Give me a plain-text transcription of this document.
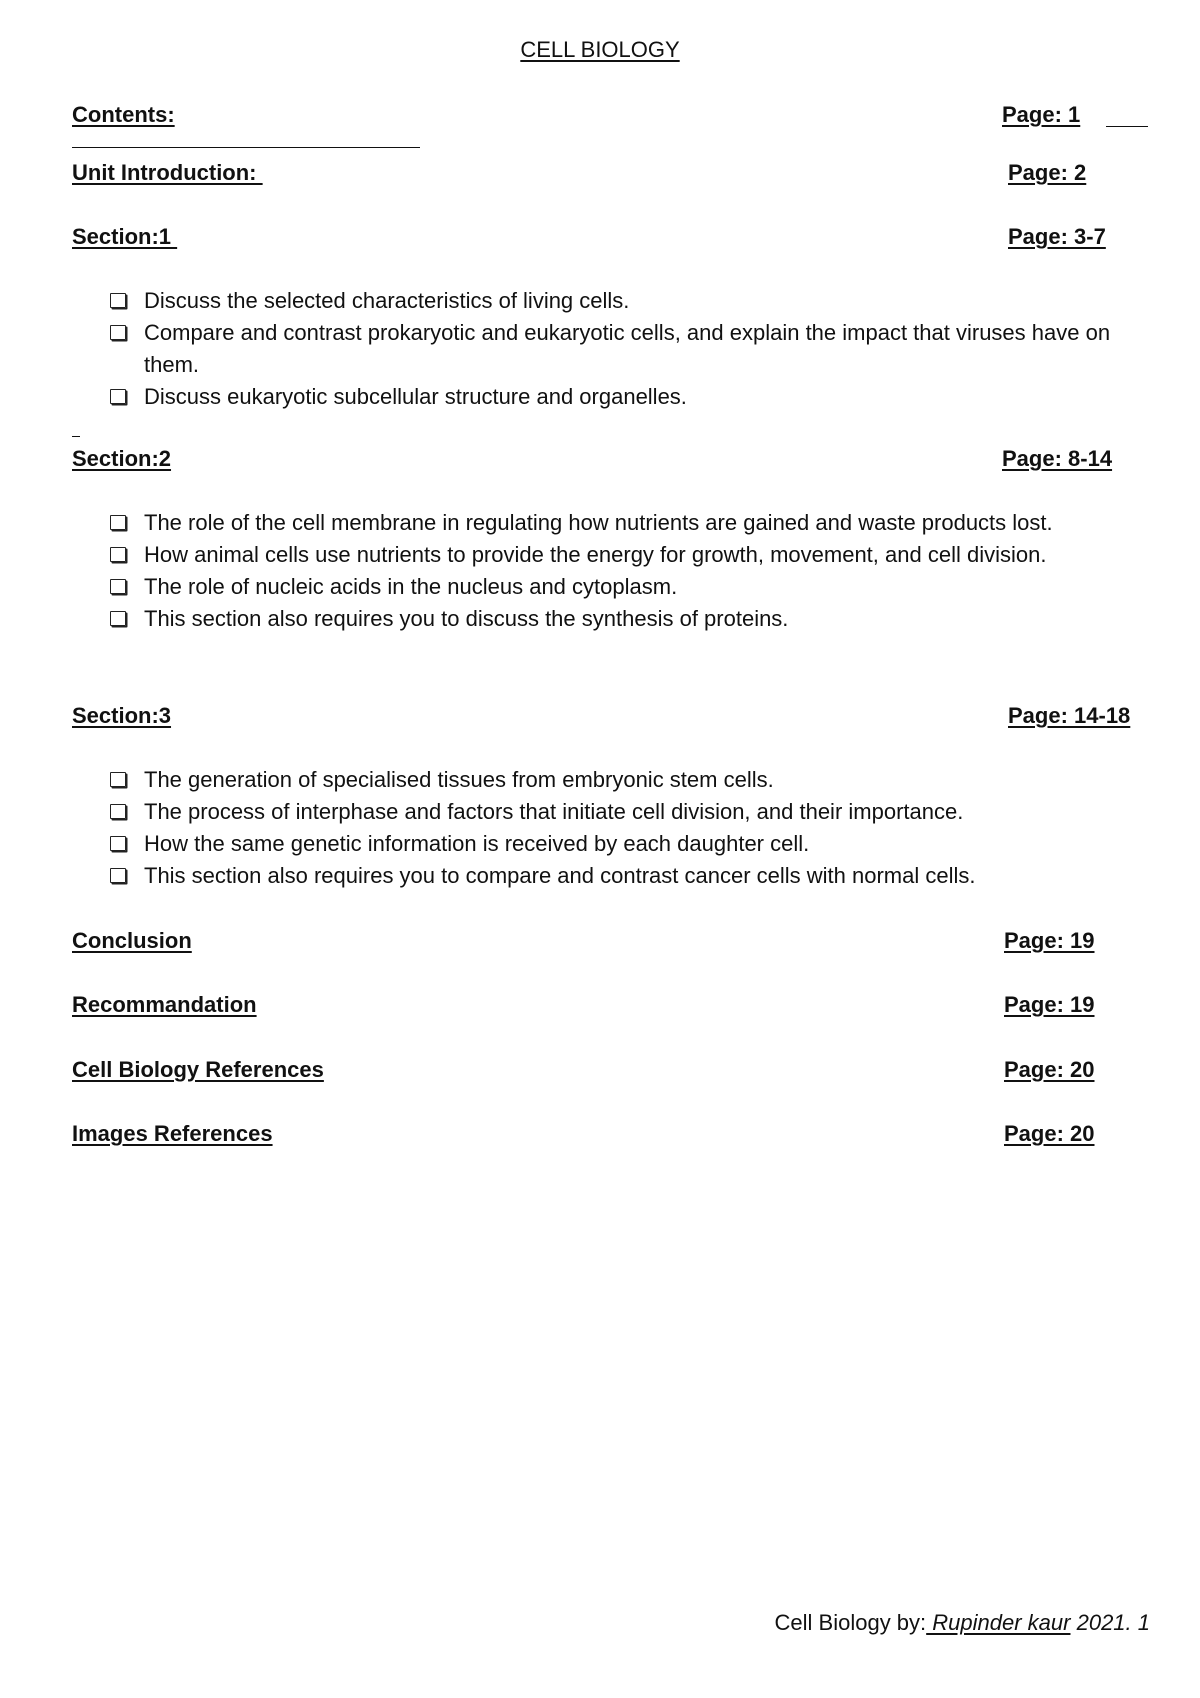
CELL BIOLOGY
Contents:	Page: 1
Unit Introduction:	Page: 2
Section:1	Page: 3-7
Discuss the selected characteristics of living cells.
Compare and contrast prokaryotic and eukaryotic cells, and explain the impact that viruses have on them.
Discuss eukaryotic subcellular structure and organelles.
Section:2	Page: 8-14
The role of the cell membrane in regulating how nutrients are gained and waste products lost.
How animal cells use nutrients to provide the energy for growth, movement, and cell division.
The role of nucleic acids in the nucleus and cytoplasm.
This section also requires you to discuss the synthesis of proteins.
Section:3	Page: 14-18
The generation of specialised tissues from embryonic stem cells.
The process of interphase and factors that initiate cell division, and their importance.
How the same genetic information is received by each daughter cell.
This section also requires you to compare and contrast cancer cells with normal cells.
Conclusion	Page: 19
Recommandation	Page: 19
Cell Biology References	Page: 20
Images References	Page: 20
Cell Biology by: Rupinder kaur 2021. 1
